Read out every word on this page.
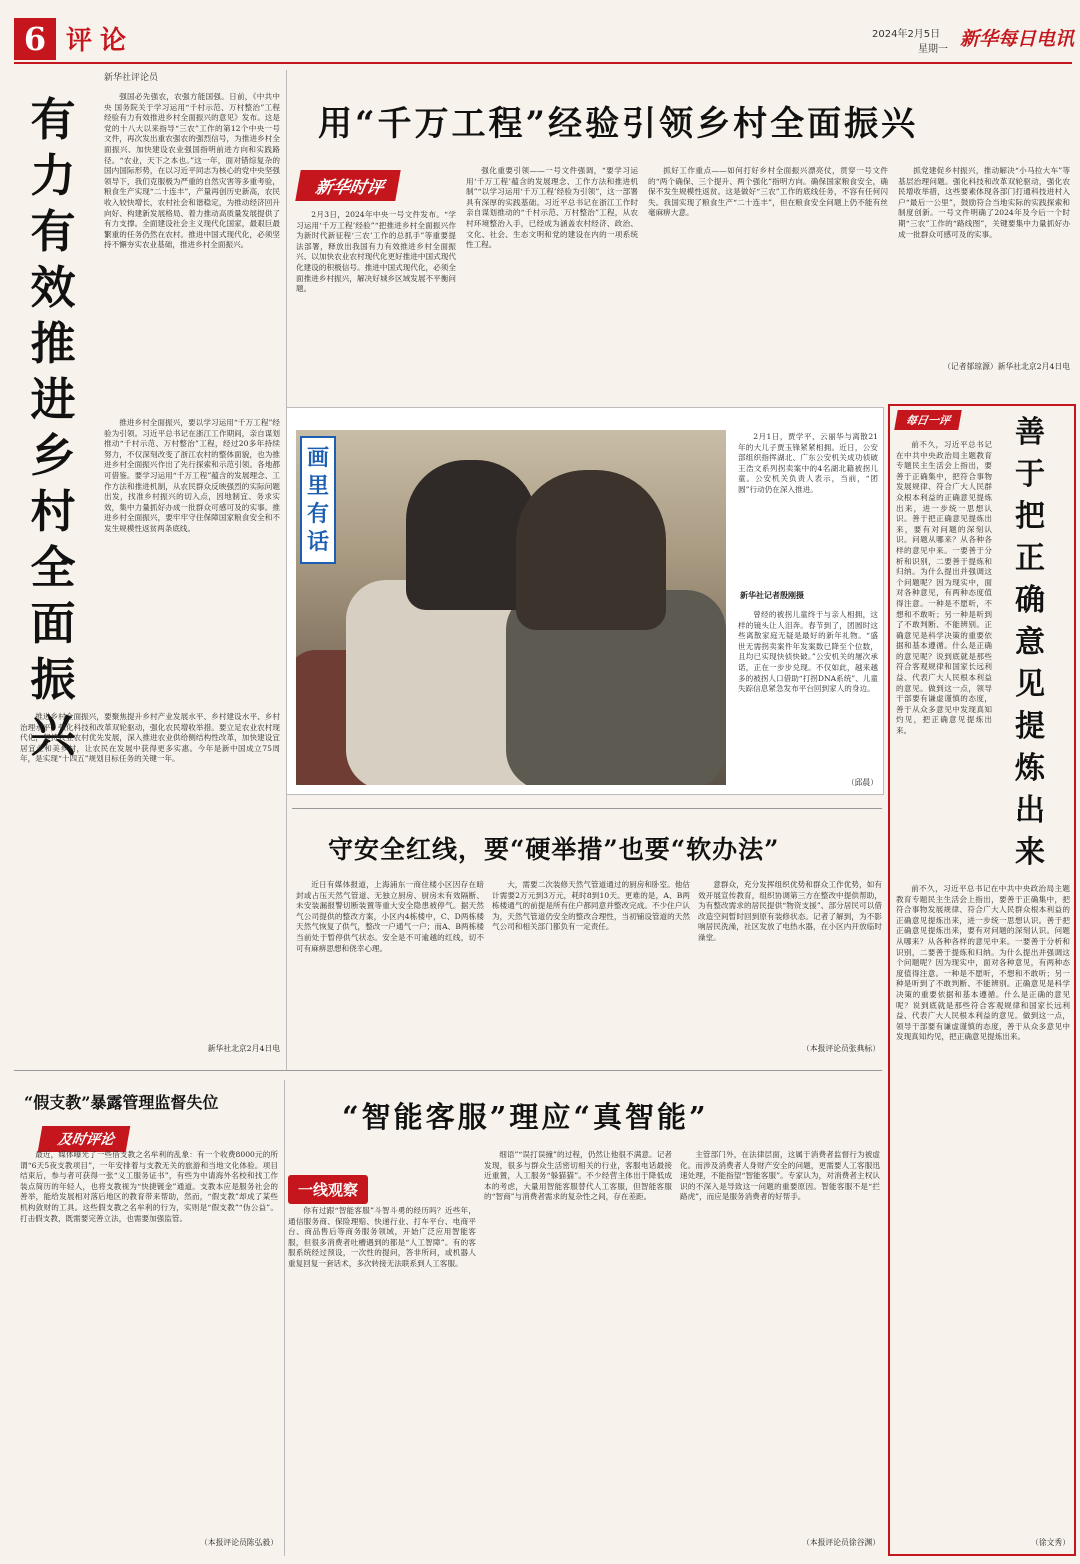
6 评论	2024年2月5日
星期一 新华每日电讯
新华社评论员
有力有效推进乡村全面振兴

强国必先强农，农强方能国强。日前，《中共中央 国务院关于学习运用“千村示范、万村整治”工程经验有力有效推进乡村全面振兴的意见》发布。这是党的十八大以来指导“三农”工作的第12个中央一号文件，再次发出重农强农的强烈信号，为推进乡村全面振兴、加快建设农业强国指明前进方向和实践路径。“农业，天下之本也。”这一年，面对错综复杂的国内国际形势，在以习近平同志为核心的党中央坚强领导下，我们克服极为严重的自然灾害等多重考验，粮食生产实现“二十连丰”，产量再创历史新高，农民收入较快增长，农村社会和谐稳定，为推动经济回升向好、构建新发展格局、着力推动高质量发展提供了有力支撑。全面建设社会主义现代化国家，最艰巨最繁重的任务仍然在农村。推进中国式现代化，必须坚持不懈夯实农业基础，推进乡村全面振兴。

推进乡村全面振兴，要以学习运用“千万工程”经验为引领。习近平总书记在浙江工作期间，亲自谋划推动“千村示范、万村整治”工程，经过20多年持续努力，不仅深刻改变了浙江农村的整体面貌，也为推进乡村全面振兴作出了先行探索和示范引领。各地都可借鉴。要学习运用“千万工程”蕴含的发展理念、工作方法和推进机制，从农民群众反映强烈的实际问题出发，找准乡村振兴的切入点，因地制宜、务求实效，集中力量抓好办成一批群众可感可及的实事。推进乡村全面振兴，要牢牢守住保障国家粮食安全和不发生规模性返贫两条底线。

推进乡村全面振兴，要聚焦提升乡村产业发展水平、乡村建设水平、乡村治理水平，强化科技和改革双轮驱动，强化农民增收举措。要立足农业农村现代化，坚持农业农村优先发展，深入推进农业供给侧结构性改革，加快建设宜居宜业和美乡村，让农民在发展中获得更多实惠。今年是新中国成立75周年，是实现“十四五”规划目标任务的关键一年。

新华社北京2月4日电
用“千万工程”经验引领乡村全面振兴
新华时评

2月3日，2024年中央一号文件发布。“学习运用‘千万工程’经验”“把推进乡村全面振兴作为新时代新征程‘三农’工作的总抓手”等重要提法部署，释放出我国有力有效推进乡村全面振兴、以加快农业农村现代化更好推进中国式现代化建设的积极信号。推进中国式现代化，必须全面推进乡村振兴，解决好城乡区域发展不平衡问题。

强化重要引领——一号文件强调，“要学习运用‘千万工程’蕴含的发展理念、工作方法和推进机制”“以学习运用‘千万工程’经验为引领”，这一部署具有深厚的实践基础。习近平总书记在浙江工作时亲自谋划推动的“千村示范、万村整治”工程，从农村环境整治入手，已经成为涵盖农村经济、政治、文化、社会、生态文明和党的建设在内的一项系统性工程。

抓好工作重点——如何打好乡村全面振兴漂亮仗，贯穿一号文件的“两个确保、三个提升、两个强化”指明方向。确保国家粮食安全，确保不发生规模性返贫。这是做好“三农”工作的底线任务，不容有任何闪失。我国实现了粮食生产“二十连丰”，但在粮食安全问题上仍不能有丝毫麻痹大意。

抓党建促乡村振兴，推动解决“小马拉大车”等基层治理问题。强化科技和改革双轮驱动，强化农民增收举措，这些要素体现各部门打通科技进村入户“最后一公里”，鼓励符合当地实际的实践探索和制度创新。一号文件明确了2024年及今后一个时期“三农”工作的“路线图”，关键要集中力量抓好办成一批群众可感可及的实事。

（记者郁琼源）新华社北京2月4日电
画里有话

2月1日，贾学平、云丽华与离散21年的大儿子贾玉锋紧紧相拥。近日，公安部组织指挥湖北、广东公安机关成功侦破王浩文系列拐卖案中的4名湖北籍被拐儿童。公安机关负责人表示，当前，“团圆”行动仍在深入推进。

新华社记者殷刚摄

曾经的被拐儿童终于与亲人相拥，这样的镜头让人泪奔。春节到了，团圆时这些离散家庭无疑是最好的新年礼物。“盛世无需拐卖案件年发案数已降至个位数，且均已实现快侦快破。”公安机关的屡次承诺，正在一步步兑现。不仅如此，越来越多的被拐人口借助“打拐DNA系统”、儿童失踪信息紧急发布平台回到家人的身边。

（邱晨）
每日一评	善于把正确意见提炼出来

前不久，习近平总书记在中共中央政治局主题教育专题民主生活会上指出，要善于正确集中，把符合事物发展规律、符合广大人民群众根本利益的正确意见提炼出来，进一步统一思想认识。善于把正确意见提炼出来，要有对问题的深刻认识。问题从哪来？从各种各样的意见中来。一要善于分析和识别，二要善于提炼和归纳。为什么提出并强调这个问题呢？因为现实中，面对各种意见，有两种态度值得注意。一种是不愿听，不想和不敢听；另一种是听到了不敢判断、不能辨别。正确意见是科学决策的重要依据和基本遵循。什么是正确的意见呢？说到底就是那些符合客观规律和国家长远利益、代表广大人民根本利益的意见。做到这一点，领导干部要有谦虚谨慎的态度，善于从众多意见中发现真知灼见，把正确意见提炼出来。

前不久，习近平总书记在中共中央政治局主题教育专题民主生活会上指出，要善于正确集中，把符合事物发展规律、符合广大人民群众根本利益的正确意见提炼出来，进一步统一思想认识。善于把正确意见提炼出来，要有对问题的深刻认识。问题从哪来？从各种各样的意见中来。一要善于分析和识别，二要善于提炼和归纳。为什么提出并强调这个问题呢？因为现实中，面对各种意见，有两种态度值得注意。一种是不愿听，不想和不敢听；另一种是听到了不敢判断、不能辨别。正确意见是科学决策的重要依据和基本遵循。什么是正确的意见呢？说到底就是那些符合客观规律和国家长远利益、代表广大人民根本利益的意见。做到这一点，领导干部要有谦虚谨慎的态度，善于从众多意见中发现真知灼见，把正确意见提炼出来。

（徐文秀）
守安全红线，要“硬举措”也要“软办法”

近日有媒体报道，上海浦东一商住楼小区因存在暗封或占压天然气管道、无独立厨房、厨房未有效隔断、未安装漏报警切断装置等重大安全隐患被停气。据天然气公司提供的整改方案，小区内4栋楼中，C、D两栋楼天然气恢复了供气，整改一户通气一户；而A、B两栋楼当前处于暂停供气状态。安全是不可逾越的红线，切不可有麻痹思想和侥幸心理。

大，需要二次装修天然气管道通过的厨房和卧室。他估计需要2万元到3万元，耗时8到10天。更难的是，A、B两栋楼通气的前提是所有住户都同意并整改完成。不少住户认为，天然气管道仍安全的整改合理性，当初铺设管道的天然气公司和相关部门都负有一定责任。

意群众，充分发挥组织优势和群众工作优势，如有效开展宣传教育，组织协调第三方在整改中提供帮助，为有整改需求的居民提供“物资支援”、部分居民可以借改造空间暂时回到原有装修状态。记者了解到，为不影响居民洗澡，社区发放了电热水器，在小区内开放临时澡堂。

（本报评论员张典标）
“假支教”暴露管理监督失位
及时评论

最近，媒体曝光了一些借支教之名牟利的乱象：有一个收费8000元的所谓“6天5夜支教项目”，一年安排着与支教无关的旅游和当地文化体验。项目结束后，参与者可获得一张“义工服务证书”，有些为中请海外名校和找工作装点简历的年轻人，也将支教视为“快捷镀金”通道。支教本应是服务社会的善举，能给发展相对落后地区的教育带来帮助，然而，“假支教”却成了某些机构敛财的工具。这些假支教之名牟利的行为，实则是“假支教”“伪公益”。打击假支教，既需要完善立法，也需要加强监管。

（本报评论员陈弘毅）
“智能客服”理应“真智能”
一线观察

你有过跟“智能客服”斗智斗勇的经历吗？近些年，通信服务商、保险理赔、快递行业、打车平台、电商平台、商品售后等商务服务领域，开始广泛应用智能客服，但很多消费者吐槽遇到的都是“人工智障”。有的客服系统经过预设，一次性的提问，答非所问，或机器人重复回复一套话术，多次转接无法联系到人工客服。

细语”“误打误撞”的过程，仍然让他很不满意。记者发现，很多与群众生活密切相关的行业，客服电话最接近重置，人工服务“躲猫猫”。不少经营主体出于降低成本的考虑，大量用智能客服替代人工客服，但智能客服的“智商”与消费者需求的复杂性之间，存在差距。

主管部门外，在法律层面，这属于消费者监督行为被虚化。而涉及消费者人身财产安全的问题，更需要人工客服迅速处理，不能指望“智能客服”。专家认为，对消费者主权认识的不深入是导致这一问题的重要原因。智能客服不是“拦路虎”，而应是服务消费者的好帮手。

（本报评论员徐谷渊）
